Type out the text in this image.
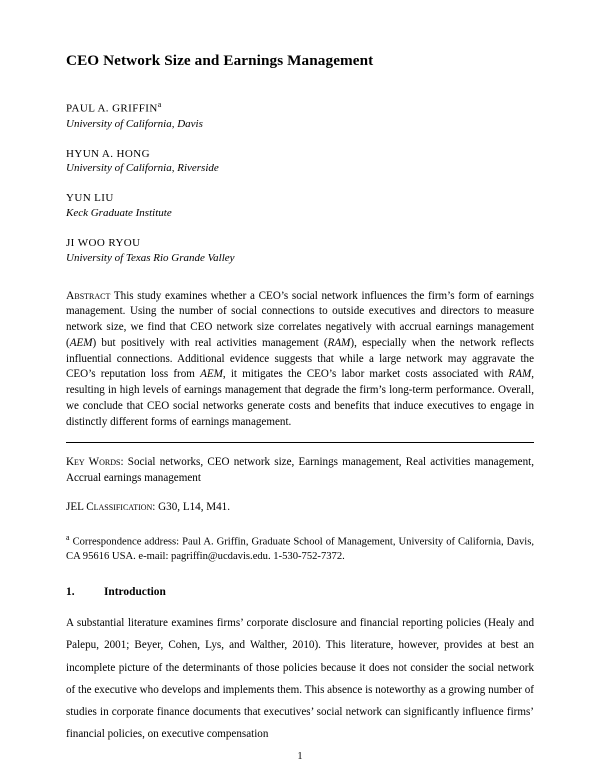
CEO Network Size and Earnings Management
PAUL A. GRIFFIN$^a$
University of California, Davis
HYUN A. HONG
University of California, Riverside
YUN LIU
Keck Graduate Institute
JI WOO RYOU
University of Texas Rio Grande Valley
Abstract This study examines whether a CEO’s social network influences the firm’s form of earnings management. Using the number of social connections to outside executives and directors to measure network size, we find that CEO network size correlates negatively with accrual earnings management (AEM) but positively with real activities management (RAM), especially when the network reflects influential connections. Additional evidence suggests that while a large network may aggravate the CEO’s reputation loss from AEM, it mitigates the CEO’s labor market costs associated with RAM, resulting in high levels of earnings management that degrade the firm’s long-term performance. Overall, we conclude that CEO social networks generate costs and benefits that induce executives to engage in distinctly different forms of earnings management.
Key Words: Social networks, CEO network size, Earnings management, Real activities management, Accrual earnings management
JEL Classification: G30, L14, M41.
$^a$ Correspondence address: Paul A. Griffin, Graduate School of Management, University of California, Davis, CA 95616 USA. e-mail: pagriffin@ucdavis.edu. 1-530-752-7372.
1.	Introduction

A substantial literature examines firms’ corporate disclosure and financial reporting policies (Healy and Palepu, 2001; Beyer, Cohen, Lys, and Walther, 2010). This literature, however, provides at best an incomplete picture of the determinants of those policies because it does not consider the social network of the executive who develops and implements them. This absence is noteworthy as a growing number of studies in corporate finance documents that executives’ social network can significantly influence firms’ financial policies, on executive compensation

1
